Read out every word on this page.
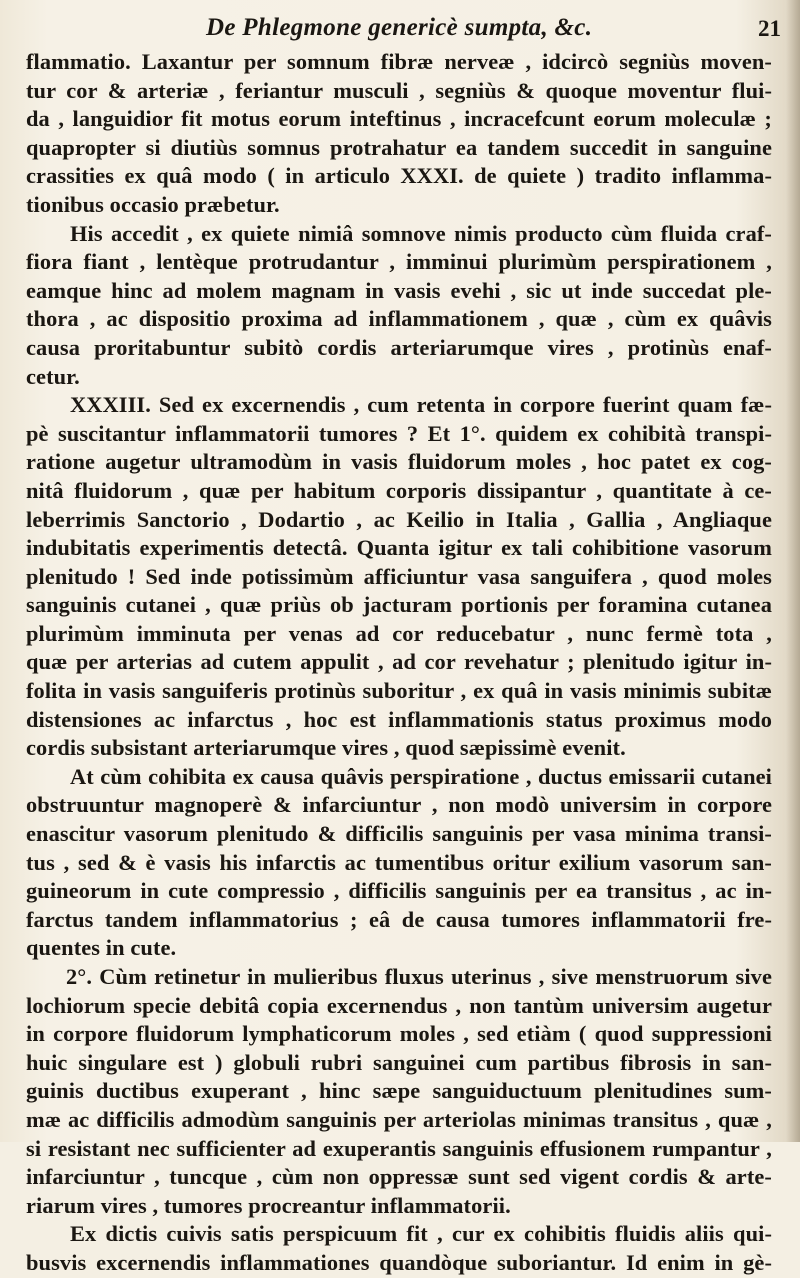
De Phlegmone genericè sumpta, &c.	21
flammatio. Laxantur per somnum fibræ nerveæ , idcircò segniùs moven-
tur cor & arteriæ , feriantur musculi , segniùs & quoque moventur flui-
da , languidior fit motus eorum inteftinus , incracefcunt eorum moleculæ ;
quapropter si diutiùs somnus protrahatur ea tandem succedit in sanguine
crassities ex quâ modo ( in articulo XXXI. de quiete ) tradito inflamma-
tionibus occasio præbetur.
His accedit , ex quiete nimiâ somnove nimis producto cùm fluida craf-
fiora fiant , lentèque protrudantur , imminui plurimùm perspirationem ,
eamque hinc ad molem magnam in vasis evehi , sic ut inde succedat ple-
thora , ac dispositio proxima ad inflammationem , quæ , cùm ex quâvis
causa proritabuntur subitò cordis arteriarumque vires , protinùs enaf-
cetur.
XXXIII. Sed ex excernendis , cum retenta in corpore fuerint quam fæ-
pè suscitantur inflammatorii tumores ? Et 1°. quidem ex cohibità transpi-
ratione augetur ultramodùm in vasis fluidorum moles , hoc patet ex cog-
nitâ fluidorum , quæ per habitum corporis dissipantur , quantitate à ce-
leberrimis Sanctorio , Dodartio , ac Keilio in Italia , Gallia , Angliaque
indubitatis experimentis detectâ. Quanta igitur ex tali cohibitione vasorum
plenitudo ! Sed inde potissimùm afficiuntur vasa sanguifera , quod moles
sanguinis cutanei , quæ priùs ob jacturam portionis per foramina cutanea
plurimùm imminuta per venas ad cor reducebatur , nunc fermè tota ,
quæ per arterias ad cutem appulit , ad cor revehatur ; plenitudo igitur in-
folita in vasis sanguiferis protinùs suboritur , ex quâ in vasis minimis subitæ
distensiones ac infarctus , hoc est inflammationis status proximus modo
cordis subsistant arteriarumque vires , quod sæpissimè evenit.
At cùm cohibita ex causa quâvis perspiratione , ductus emissarii cutanei
obstruuntur magnoperè & infarciuntur , non modò universim in corpore
enascitur vasorum plenitudo & difficilis sanguinis per vasa minima transi-
tus , sed & è vasis his infarctis ac tumentibus oritur exilium vasorum san-
guineorum in cute compressio , difficilis sanguinis per ea transitus , ac in-
farctus tandem inflammatorius ; eâ de causa tumores inflammatorii fre-
quentes in cute.
2°. Cùm retinetur in mulieribus fluxus uterinus , sive menstruorum sive
lochiorum specie debitâ copia excernendus , non tantùm universim augetur
in corpore fluidorum lymphaticorum moles , sed etiàm ( quod suppressioni
huic singulare est ) globuli rubri sanguinei cum partibus fibrosis in san-
guinis ductibus exuperant , hinc sæpe sanguiductuum plenitudines sum-
mæ ac difficilis admodùm sanguinis per arteriolas minimas transitus , quæ ,
si resistant nec sufficienter ad exuperantis sanguinis effusionem rumpantur ,
infarciuntur , tuncque , cùm non oppressæ sunt sed vigent cordis & arte-
riarum vires , tumores procreantur inflammatorii.
Ex dictis cuivis satis perspicuum fit , cur ex cohibitis fluidis aliis qui-
busvis excernendis inflammationes quandòque suboriantur. Id enim in gè-
